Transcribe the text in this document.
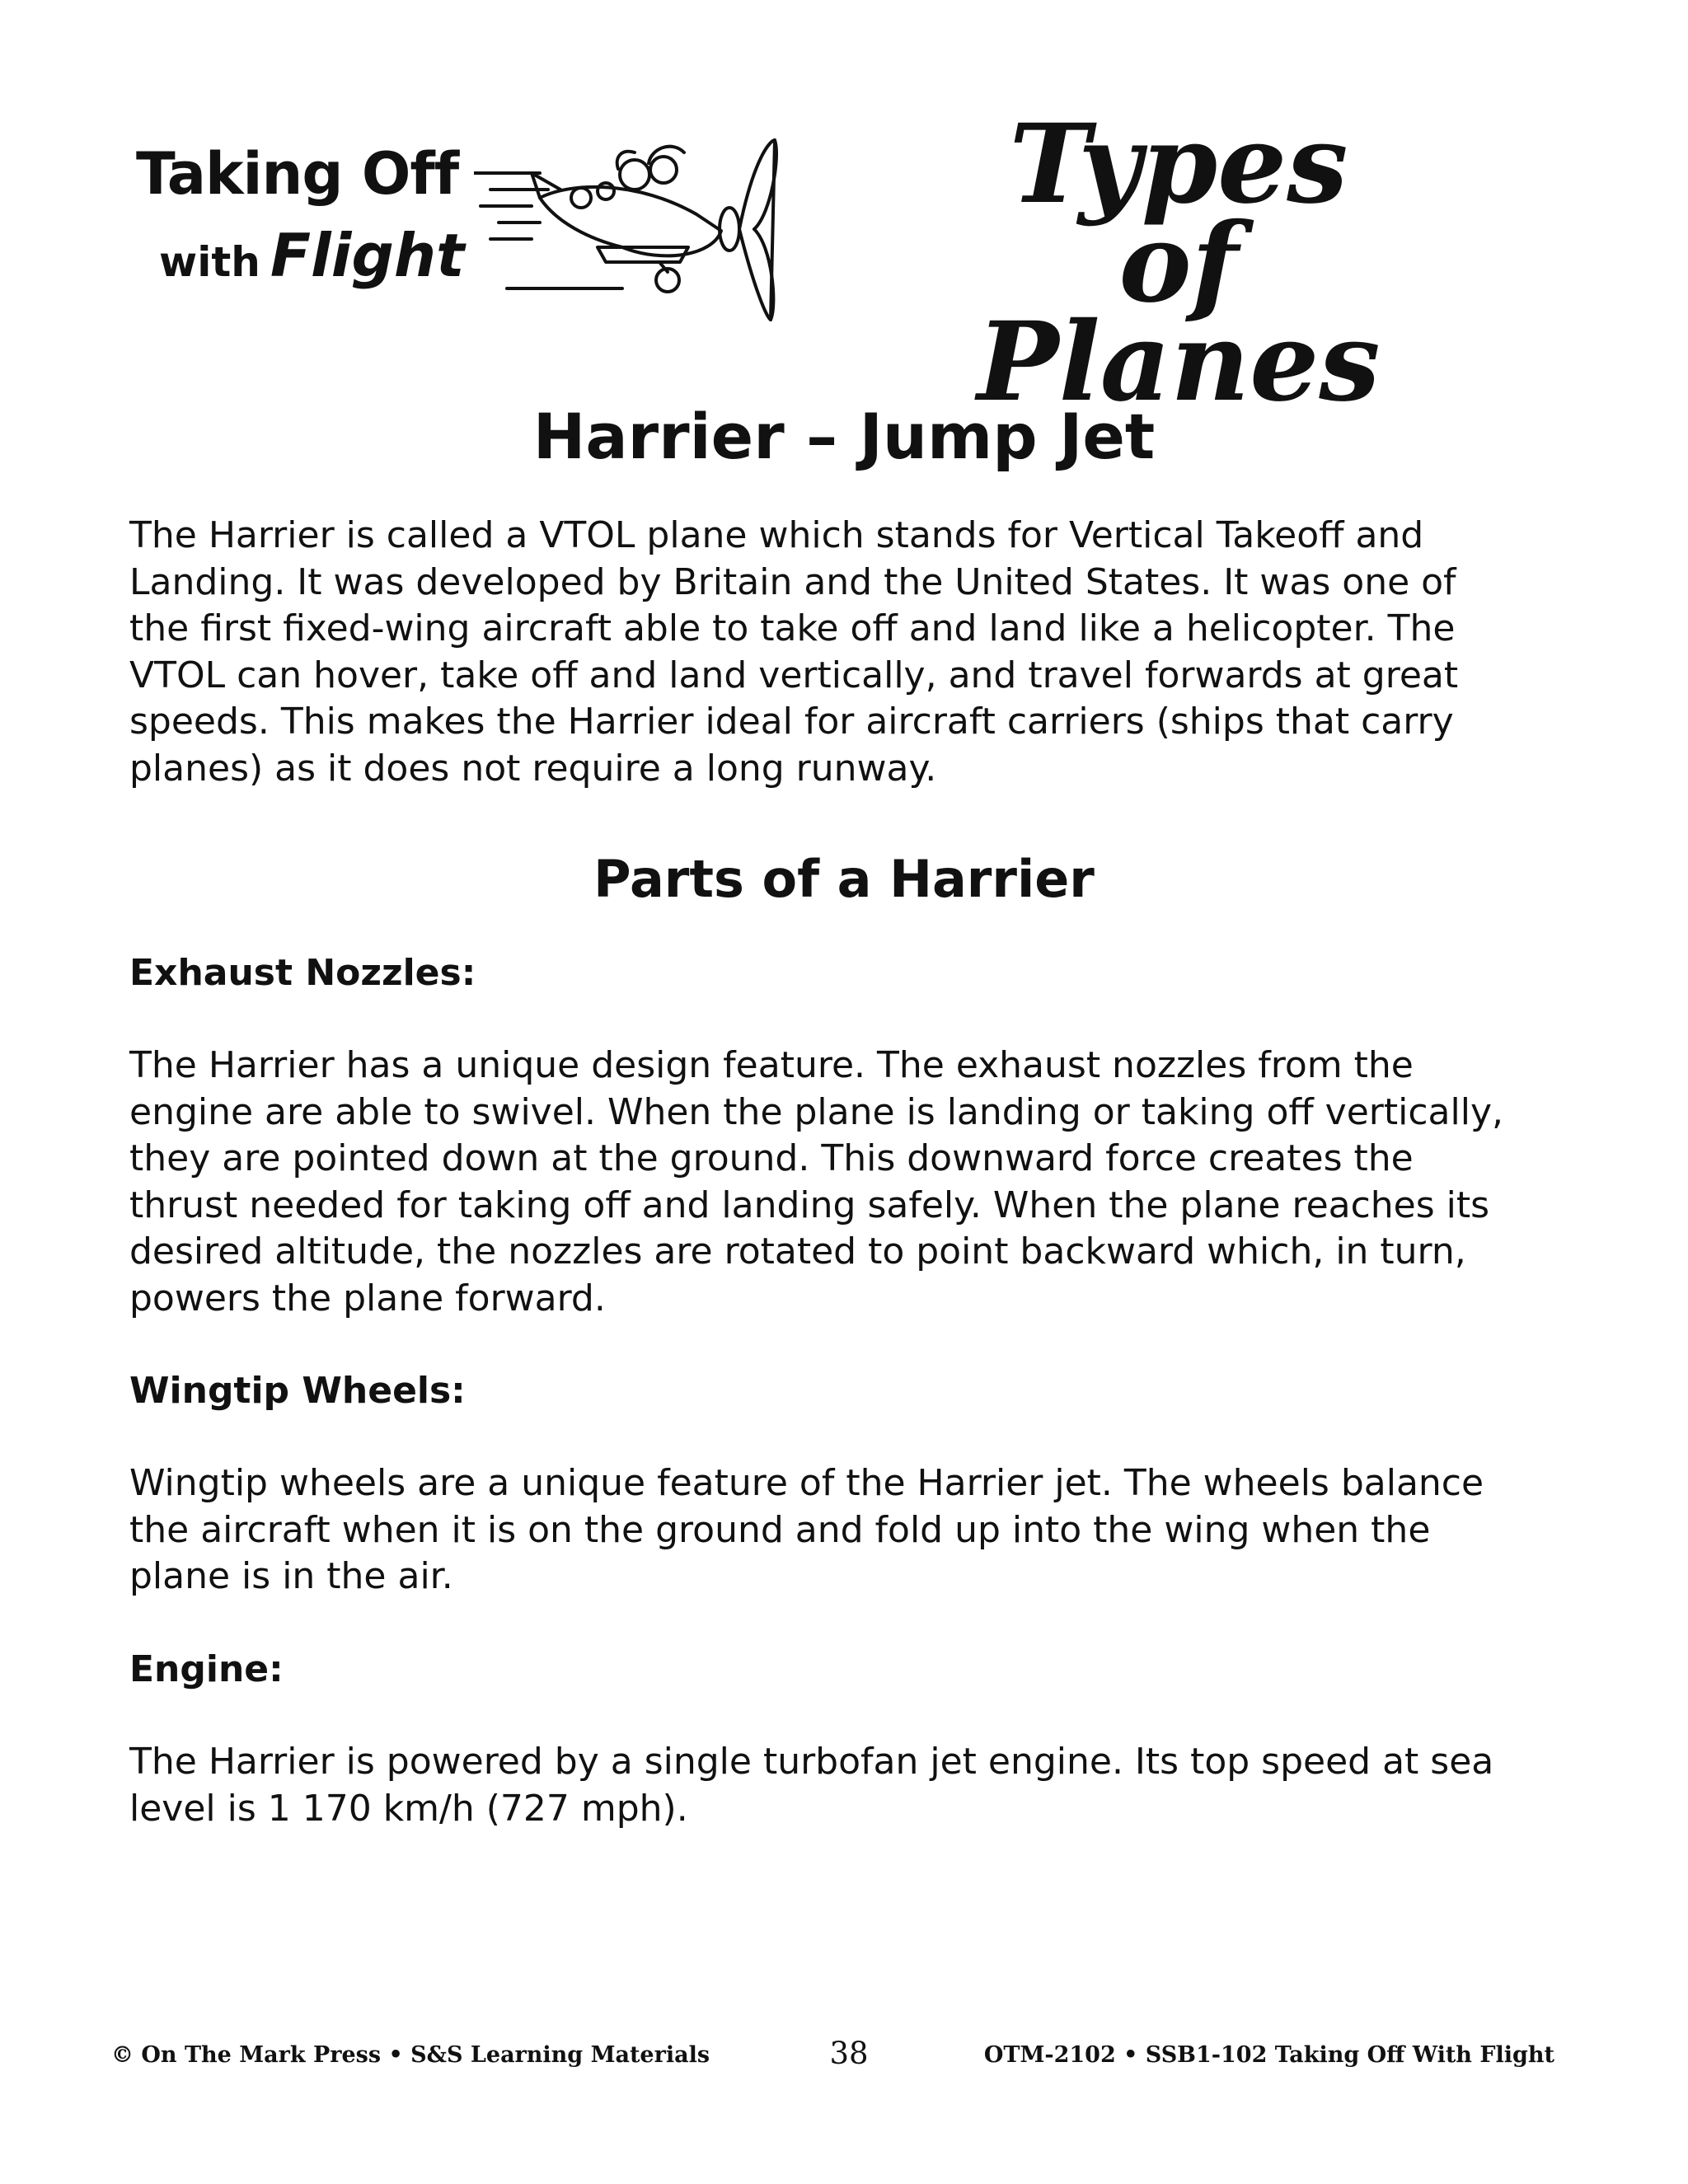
Taking Off
with Flight
Types of
Planes
Harrier – Jump Jet

The Harrier is called a VTOL plane which stands for Vertical Takeoff and
Landing. It was developed by Britain and the United States. It was one of
the first fixed-wing aircraft able to take off and land like a helicopter. The
VTOL can hover, take off and land vertically, and travel forwards at great
speeds. This makes the Harrier ideal for aircraft carriers (ships that carry
planes) as it does not require a long runway.

Parts of a Harrier
Exhaust Nozzles:

The Harrier has a unique design feature. The exhaust nozzles from the
engine are able to swivel. When the plane is landing or taking off vertically,
they are pointed down at the ground. This downward force creates the
thrust needed for taking off and landing safely. When the plane reaches its
desired altitude, the nozzles are rotated to point backward which, in turn,
powers the plane forward.

Wingtip Wheels:

Wingtip wheels are a unique feature of the Harrier jet. The wheels balance
the aircraft when it is on the ground and fold up into the wing when the
plane is in the air.

Engine:

The Harrier is powered by a single turbofan jet engine. Its top speed at sea
level is 1 170 km/h (727 mph).

© On The Mark Press • S&S Learning Materials	38	OTM-2102 • SSB1-102 Taking Off With Flight
